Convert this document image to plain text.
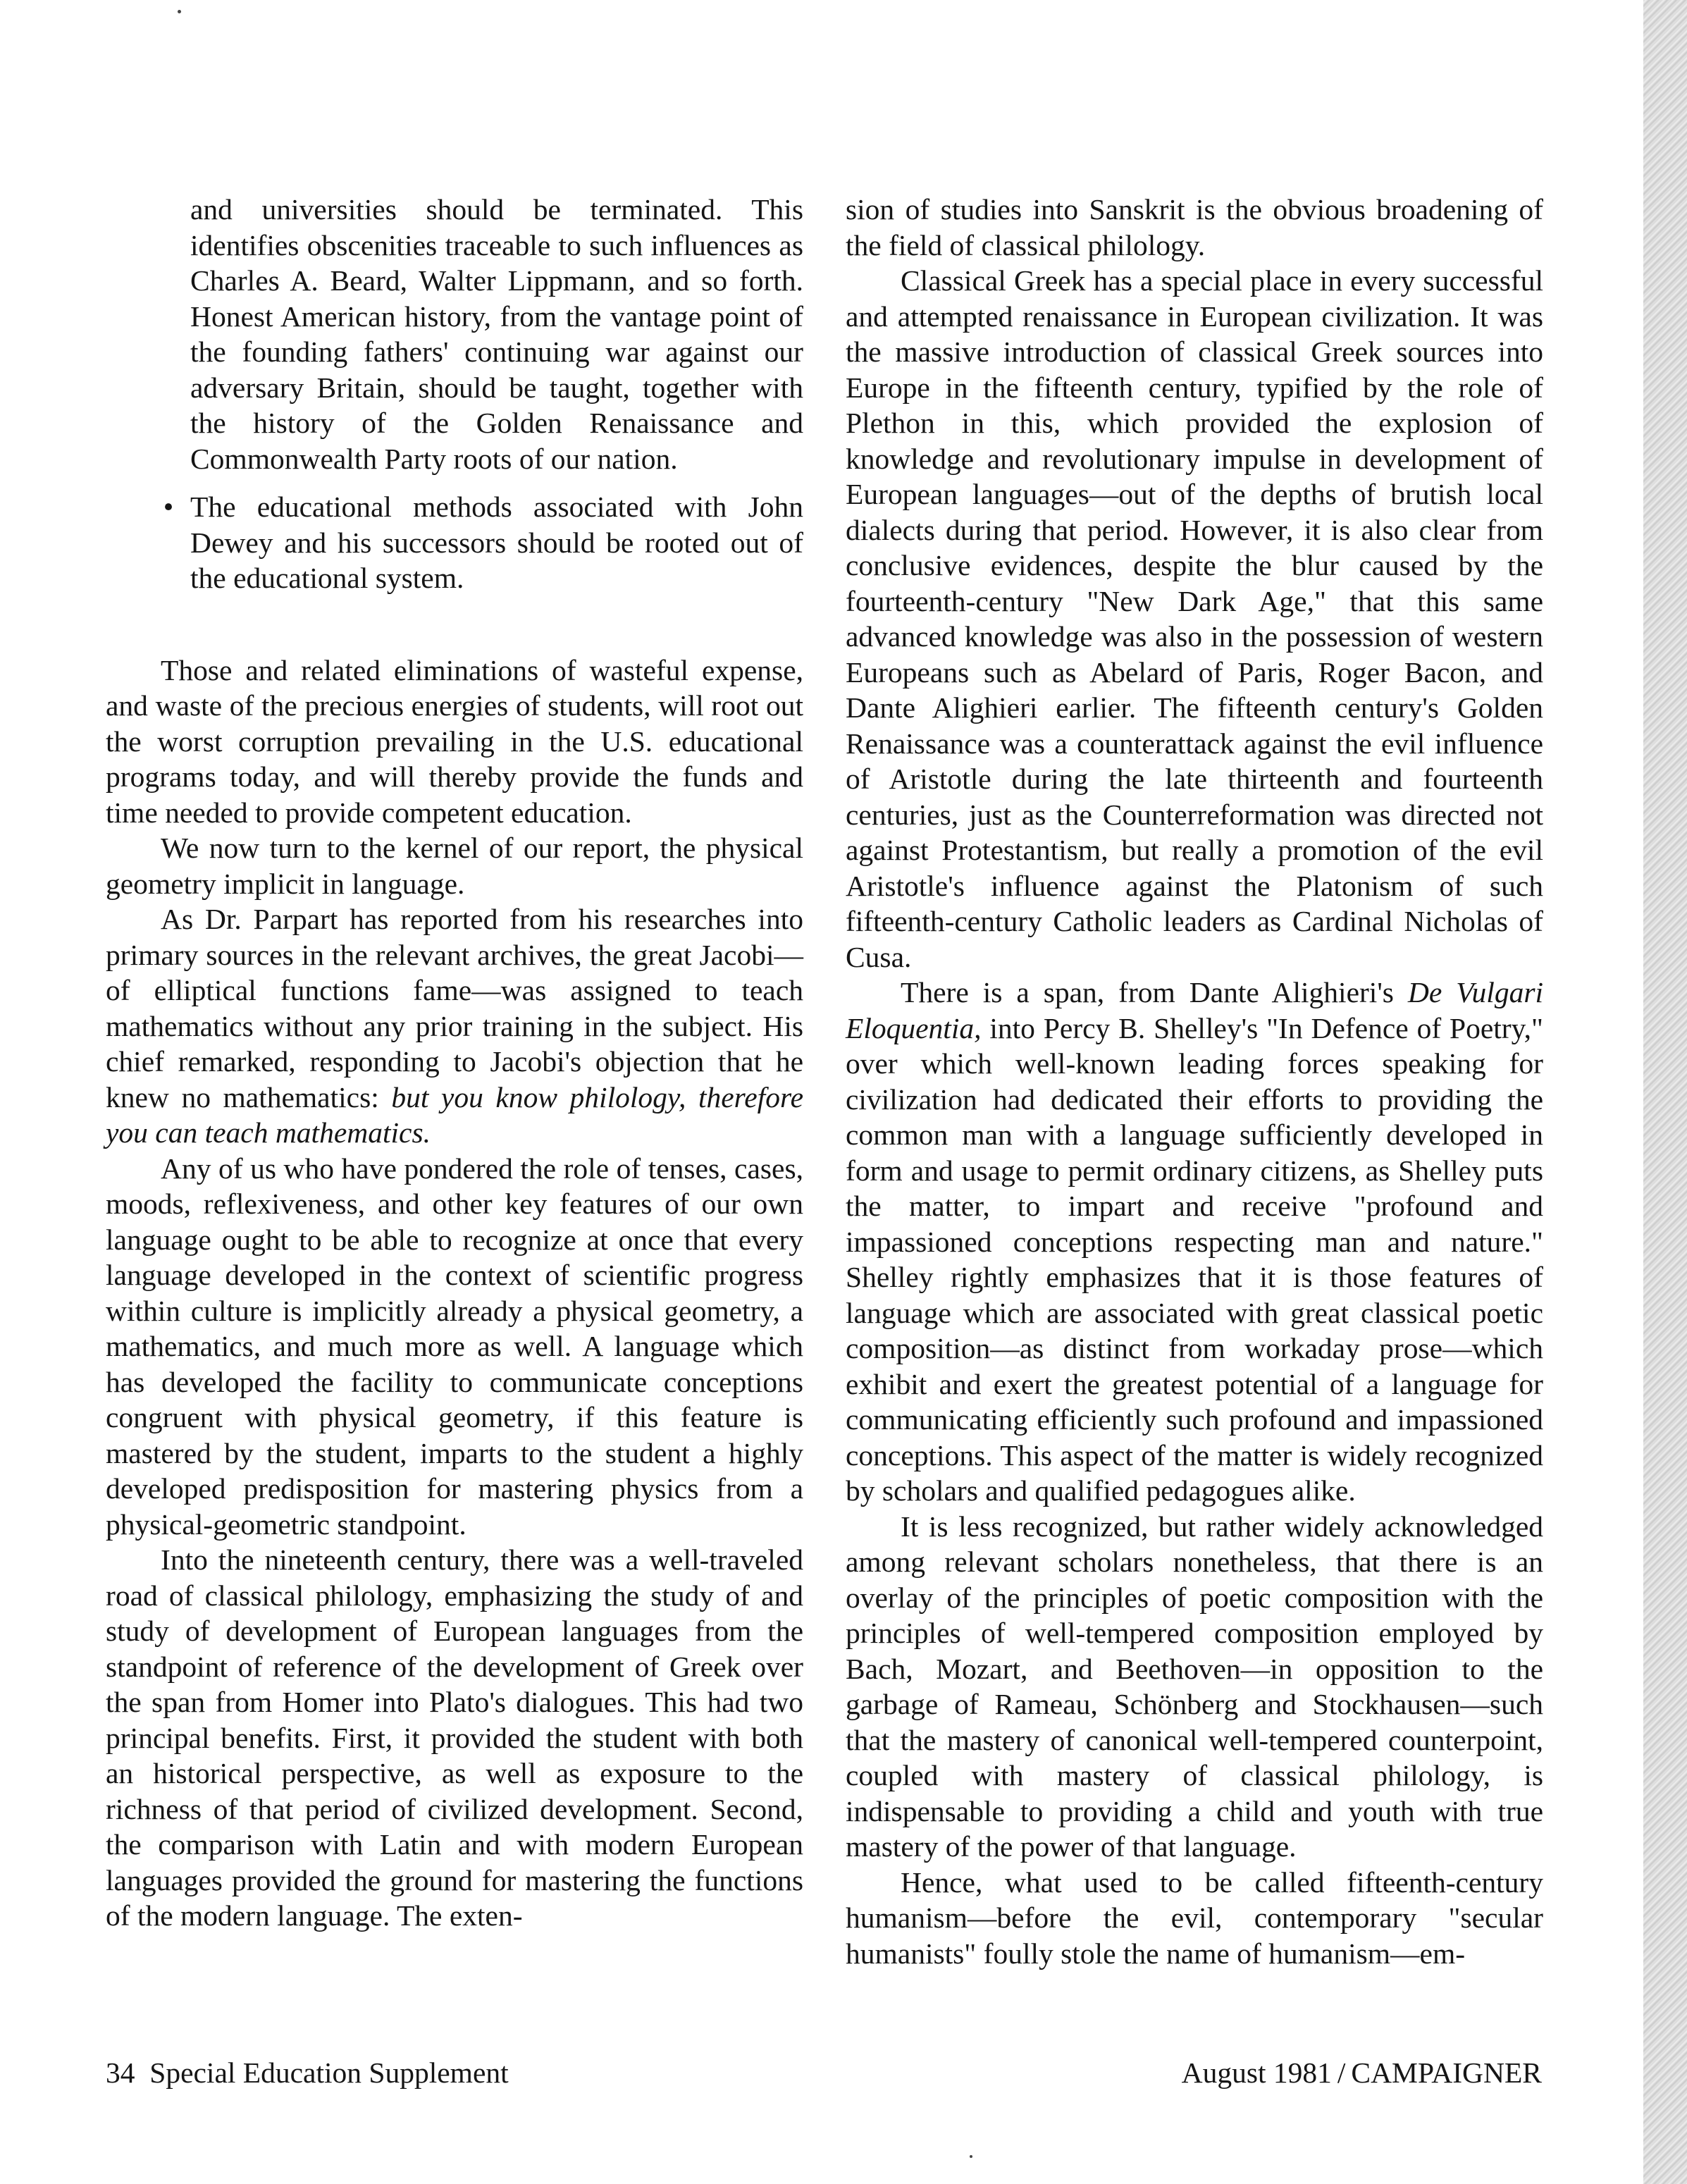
and universities should be terminated. This identifies obscenities traceable to such influences as Charles A. Beard, Walter Lippmann, and so forth. Honest American history, from the vantage point of the founding fathers' continuing war against our adversary Britain, should be taught, together with the history of the Golden Renaissance and Commonwealth Party roots of our nation.

• The educational methods associated with John Dewey and his successors should be rooted out of the educational system.

Those and related eliminations of wasteful expense, and waste of the precious energies of students, will root out the worst corruption prevailing in the U.S. educational programs today, and will thereby provide the funds and time needed to provide competent education.

We now turn to the kernel of our report, the physical geometry implicit in language.

As Dr. Parpart has reported from his researches into primary sources in the relevant archives, the great Jacobi—of elliptical functions fame—was assigned to teach mathematics without any prior training in the subject. His chief remarked, responding to Jacobi's objection that he knew no mathematics: but you know philology, therefore you can teach mathematics.

Any of us who have pondered the role of tenses, cases, moods, reflexiveness, and other key features of our own language ought to be able to recognize at once that every language developed in the context of scientific progress within culture is implicitly already a physical geometry, a mathematics, and much more as well. A language which has developed the facility to communicate conceptions congruent with physical geometry, if this feature is mastered by the student, imparts to the student a highly developed predisposition for mastering physics from a physical-geometric standpoint.

Into the nineteenth century, there was a well-traveled road of classical philology, emphasizing the study of and study of development of European languages from the standpoint of reference of the development of Greek over the span from Homer into Plato's dialogues. This had two principal benefits. First, it provided the student with both an historical perspective, as well as exposure to the richness of that period of civilized development. Second, the comparison with Latin and with modern European languages provided the ground for mastering the functions of the modern language. The exten-

sion of studies into Sanskrit is the obvious broadening of the field of classical philology.

Classical Greek has a special place in every successful and attempted renaissance in European civilization. It was the massive introduction of classical Greek sources into Europe in the fifteenth century, typified by the role of Plethon in this, which provided the explosion of knowledge and revolutionary impulse in development of European languages—out of the depths of brutish local dialects during that period. However, it is also clear from conclusive evidences, despite the blur caused by the fourteenth-century "New Dark Age," that this same advanced knowledge was also in the possession of western Europeans such as Abelard of Paris, Roger Bacon, and Dante Alighieri earlier. The fifteenth century's Golden Renaissance was a counterattack against the evil influence of Aristotle during the late thirteenth and fourteenth centuries, just as the Counterreformation was directed not against Protestantism, but really a promotion of the evil Aristotle's influence against the Platonism of such fifteenth-century Catholic leaders as Cardinal Nicholas of Cusa.

There is a span, from Dante Alighieri's De Vulgari Eloquentia, into Percy B. Shelley's "In Defence of Poetry," over which well-known leading forces speaking for civilization had dedicated their efforts to providing the common man with a language sufficiently developed in form and usage to permit ordinary citizens, as Shelley puts the matter, to impart and receive "profound and impassioned conceptions respecting man and nature." Shelley rightly emphasizes that it is those features of language which are associated with great classical poetic composition—as distinct from workaday prose—which exhibit and exert the greatest potential of a language for communicating efficiently such profound and impassioned conceptions. This aspect of the matter is widely recognized by scholars and qualified pedagogues alike.

It is less recognized, but rather widely acknowledged among relevant scholars nonetheless, that there is an overlay of the principles of poetic composition with the principles of well-tempered composition employed by Bach, Mozart, and Beethoven—in opposition to the garbage of Rameau, Schönberg and Stockhausen—such that the mastery of canonical well-tempered counterpoint, coupled with mastery of classical philology, is indispensable to providing a child and youth with true mastery of the power of that language.

Hence, what used to be called fifteenth-century humanism—before the evil, contemporary "secular humanists" foully stole the name of humanism—em-

34 Special Education Supplement	August 1981 / CAMPAIGNER
